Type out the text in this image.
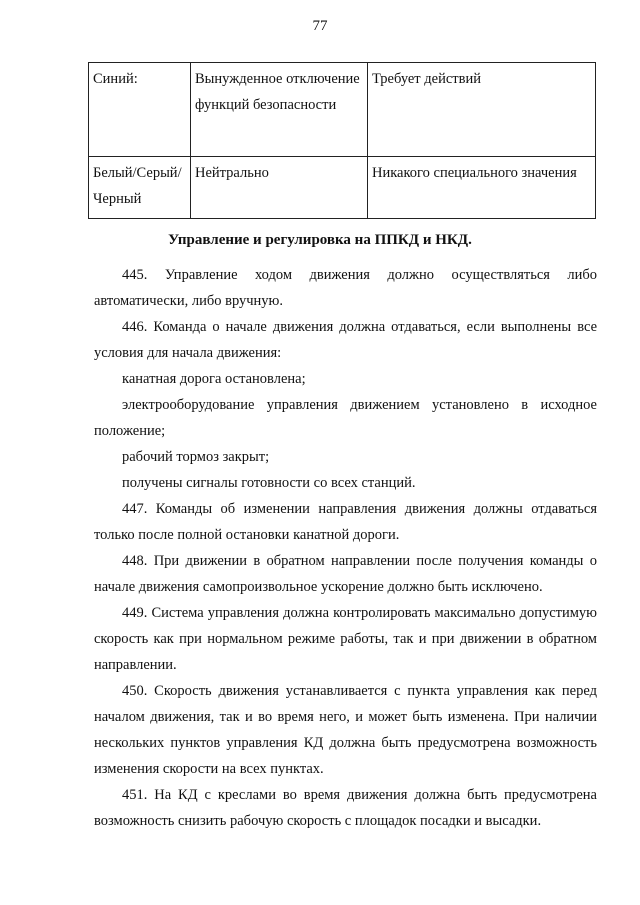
77
Синий:	Вынужденное отключение функций безопасности	Требует действий
Белый/Серый/ Черный	Нейтрально	Никакого специального значения
Управление и регулировка на ППКД и НКД.

445. Управление ходом движения должно осуществляться либо автоматически, либо вручную.

446. Команда о начале движения должна отдаваться, если выполнены все условия для начала движения:

канатная дорога остановлена;

электрооборудование управления движением установлено в исходное положение;

рабочий тормоз закрыт;

получены сигналы готовности со всех станций.

447. Команды об изменении направления движения должны отдаваться только после полной остановки канатной дороги.

448. При движении в обратном направлении после получения команды о начале движения самопроизвольное ускорение должно быть исключено.

449. Система управления должна контролировать максимально допустимую скорость как при нормальном режиме работы, так и при движении в обратном направлении.

450. Скорость движения устанавливается с пункта управления как перед началом движения, так и во время него, и может быть изменена. При наличии нескольких пунктов управления КД должна быть предусмотрена возможность изменения скорости на всех пунктах.

451. На КД с креслами во время движения должна быть предусмотрена возможность снизить рабочую скорость с площадок посадки и высадки.
